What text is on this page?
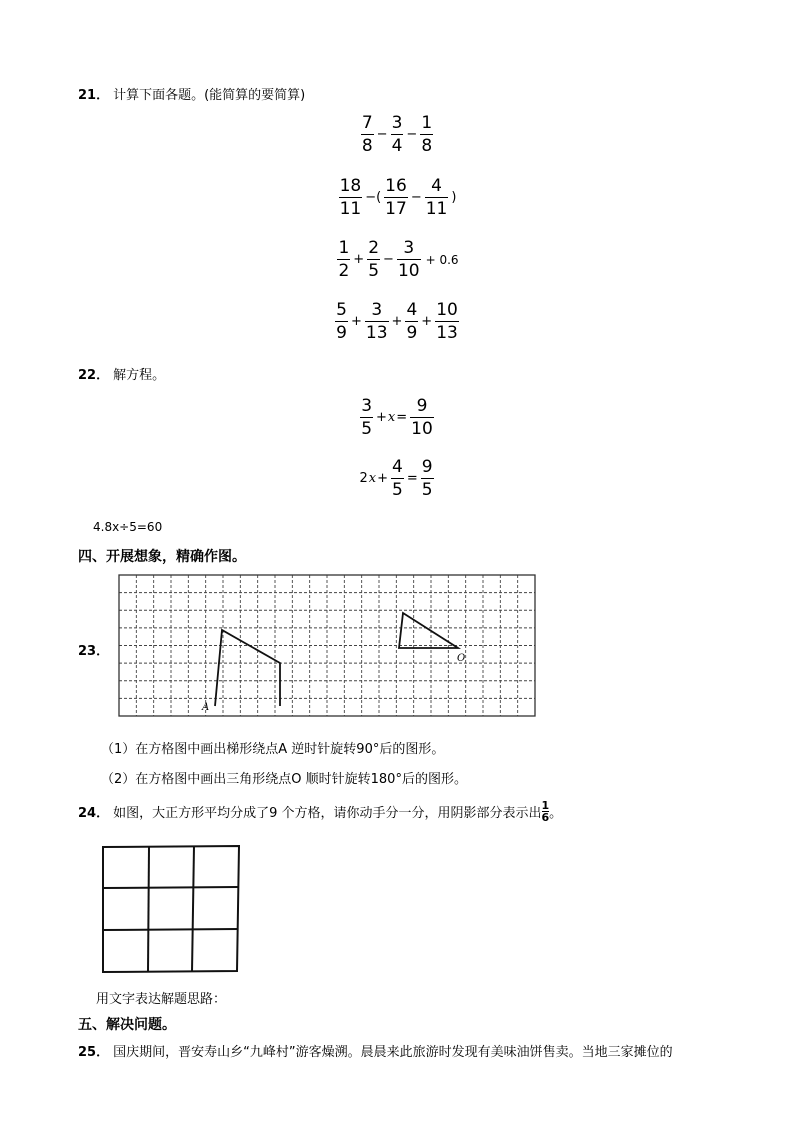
21． 计算下面各题。(能简算的要简算)
$\frac{7}{8} - \frac{3}{4} - \frac{1}{8}$
$\frac{18}{11}$ −( $\frac{16}{17} - \frac{4}{11}$ )
$\frac{1}{2} + \frac{2}{5} - \frac{3}{10} + 0.6$
$\frac{5}{9} + \frac{3}{13} + \frac{4}{9} + \frac{10}{13}$
22． 解方程。
$\frac{3}{5} + x = \frac{9}{10}$
2 $x + \frac{4}{5} = \frac{9}{5}$
4.8x÷5=60
四、开展想象，精确作图。
23．
A
O
（1）在方格图中画出梯形绕点A 逆时针旋转90°后的图形。
（2）在方格图中画出三角形绕点O 顺时针旋转180°后的图形。
24． 如图，大正方形平均分成了9 个方格，请你动手分一分，用阴影部分表示出 $\frac{1}{6}$ 。
用文字表达解题思路：
五、解决问题。
25． 国庆期间，晋安寿山乡“九峰村”游客燥溯。晨晨来此旅游时发现有美味油饼售卖。当地三家摊位的
